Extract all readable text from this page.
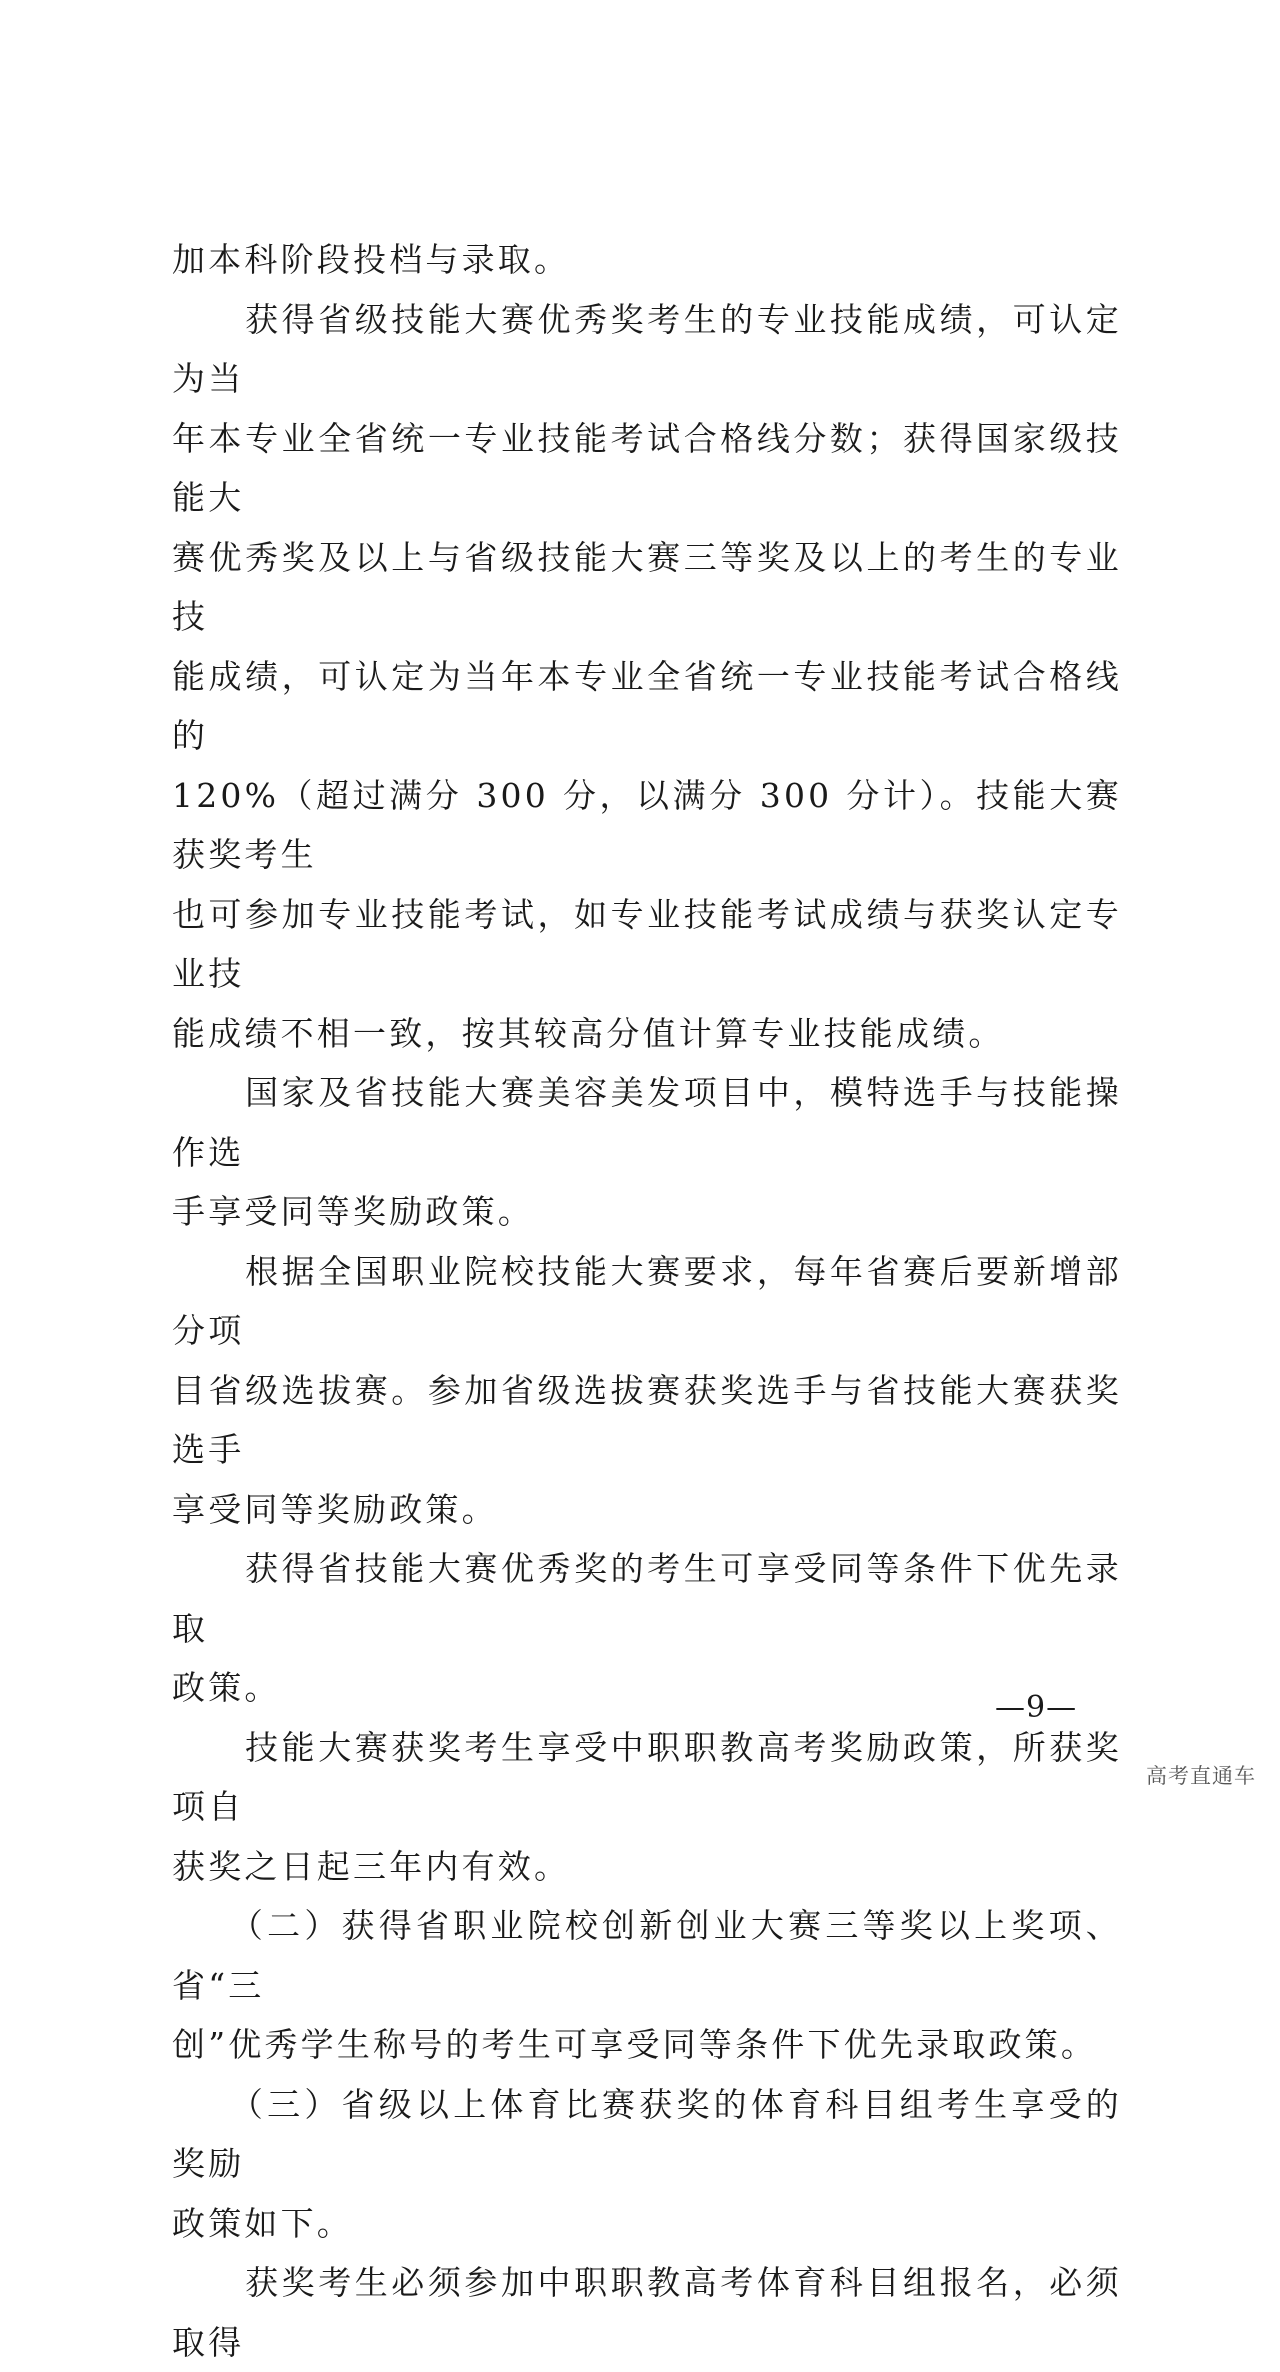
加本科阶段投档与录取。
　　获得省级技能大赛优秀奖考生的专业技能成绩，可认定为当
年本专业全省统一专业技能考试合格线分数；获得国家级技能大
赛优秀奖及以上与省级技能大赛三等奖及以上的考生的专业技
能成绩，可认定为当年本专业全省统一专业技能考试合格线的
120%（超过满分 300 分，以满分 300 分计）。技能大赛获奖考生
也可参加专业技能考试，如专业技能考试成绩与获奖认定专业技
能成绩不相一致，按其较高分值计算专业技能成绩。
　　国家及省技能大赛美容美发项目中，模特选手与技能操作选
手享受同等奖励政策。
　　根据全国职业院校技能大赛要求，每年省赛后要新增部分项
目省级选拔赛。参加省级选拔赛获奖选手与省技能大赛获奖选手
享受同等奖励政策。
　　获得省技能大赛优秀奖的考生可享受同等条件下优先录取
政策。
　　技能大赛获奖考生享受中职职教高考奖励政策，所获奖项自
获奖之日起三年内有效。
　　（二）获得省职业院校创新创业大赛三等奖以上奖项、省“三
创”优秀学生称号的考生可享受同等条件下优先录取政策。
　　（三）省级以上体育比赛获奖的体育科目组考生享受的奖励
政策如下。
　　获奖考生必须参加中职职教高考体育科目组报名，必须取得
—9—
高考直通车
